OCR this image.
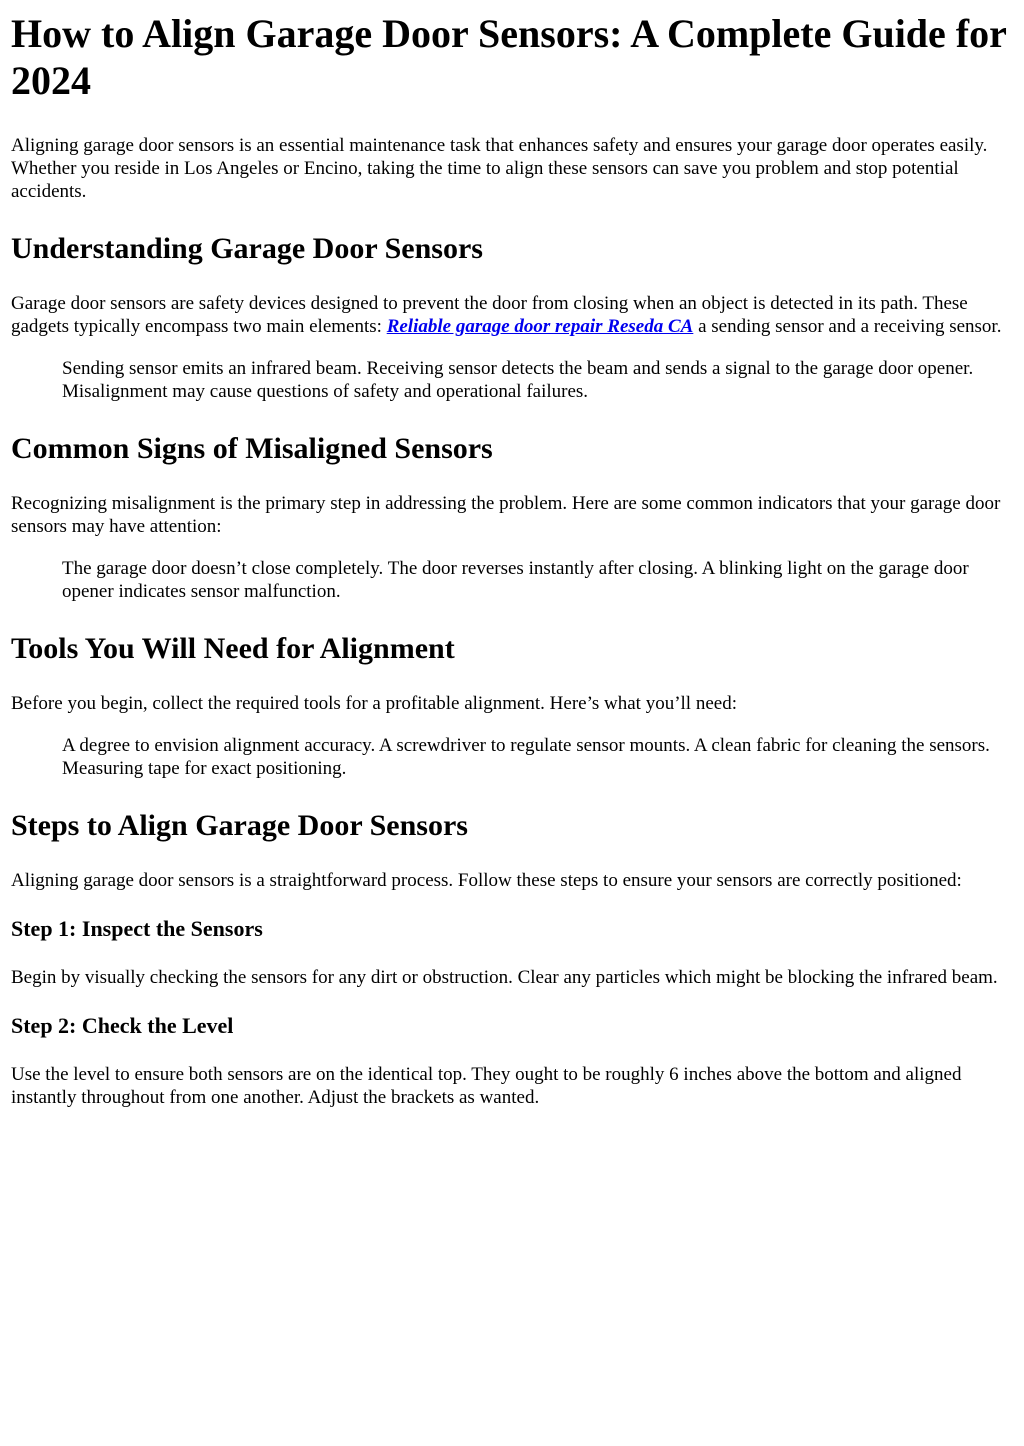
How to Align Garage Door Sensors: A Complete Guide for 2024

Aligning garage door sensors is an essential maintenance task that enhances safety and ensures your garage door operates easily. Whether you reside in Los Angeles or Encino, taking the time to align these sensors can save you problem and stop potential accidents.

Understanding Garage Door Sensors

Garage door sensors are safety devices designed to prevent the door from closing when an object is detected in its path. These gadgets typically encompass two main elements: Reliable garage door repair Reseda CA a sending sensor and a receiving sensor.

Sending sensor emits an infrared beam. Receiving sensor detects the beam and sends a signal to the garage door opener. Misalignment may cause questions of safety and operational failures.
Common Signs of Misaligned Sensors

Recognizing misalignment is the primary step in addressing the problem. Here are some common indicators that your garage door sensors may have attention:

The garage door doesn’t close completely. The door reverses instantly after closing. A blinking light on the garage door opener indicates sensor malfunction.
Tools You Will Need for Alignment

Before you begin, collect the required tools for a profitable alignment. Here’s what you’ll need:

A degree to envision alignment accuracy. A screwdriver to regulate sensor mounts. A clean fabric for cleaning the sensors. Measuring tape for exact positioning.
Steps to Align Garage Door Sensors

Aligning garage door sensors is a straightforward process. Follow these steps to ensure your sensors are correctly positioned:

Step 1: Inspect the Sensors

Begin by visually checking the sensors for any dirt or obstruction. Clear any particles which might be blocking the infrared beam.

Step 2: Check the Level

Use the level to ensure both sensors are on the identical top. They ought to be roughly 6 inches above the bottom and aligned instantly throughout from one another. Adjust the brackets as wanted.
